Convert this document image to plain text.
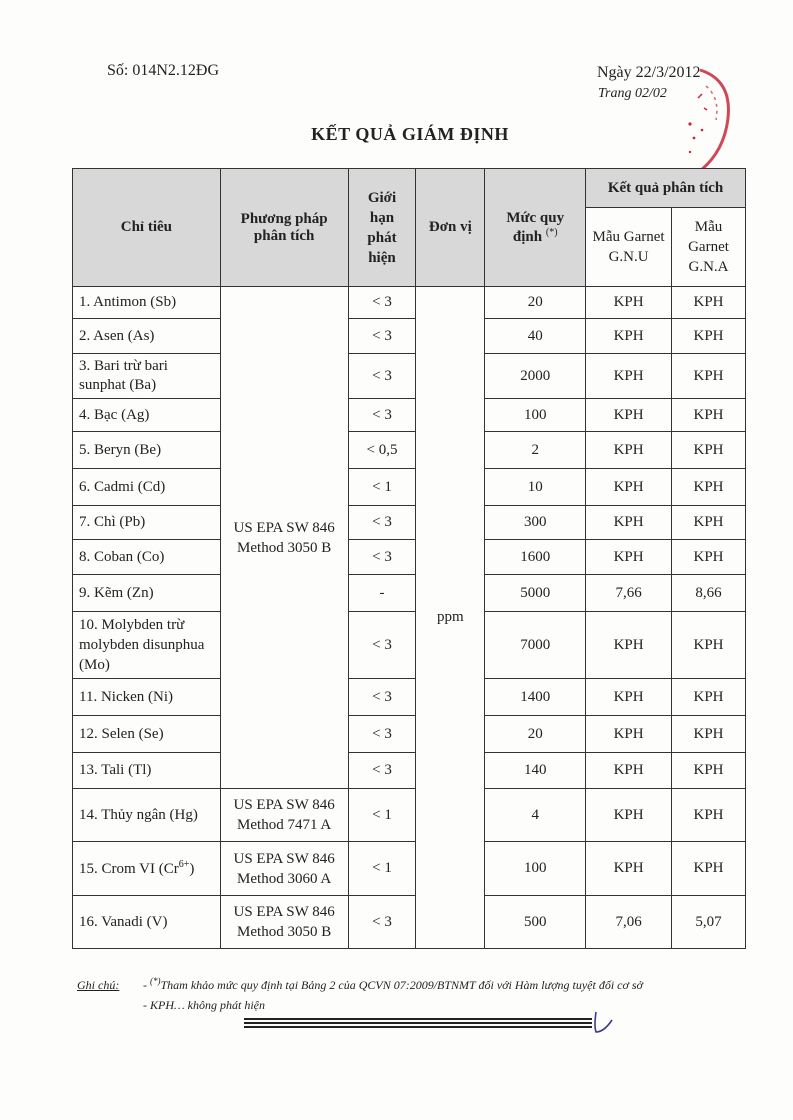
Số: 014N2.12ĐG	Ngày 22/3/2012
Trang 02/02
KẾT QUẢ GIÁM ĐỊNH
Chỉ tiêu	Phương pháp phân tích	Giới hạn phát hiện	Đơn vị	Mức quy định (*)	Kết quả phân tích	
					Mẫu Garnet G.N.U	Mẫu Garnet G.N.A
1. Antimon (Sb)	US EPA SW 846 Method 3050 B	< 3	ppm	20	KPH	KPH
2. Asen (As)		< 3		40	KPH	KPH
3. Bari trừ bari sunphat (Ba)		< 3		2000	KPH	KPH
4. Bạc (Ag)		< 3		100	KPH	KPH
5. Beryn (Be)		< 0,5		2	KPH	KPH
6. Cadmi (Cd)		< 1		10	KPH	KPH
7. Chì (Pb)		< 3		300	KPH	KPH
8. Coban (Co)		< 3		1600	KPH	KPH
9. Kẽm (Zn)		-		5000	7,66	8,66
10. Molybden trừ molybden disunphua (Mo)		< 3		7000	KPH	KPH
11. Nicken (Ni)		< 3		1400	KPH	KPH
12. Selen (Se)		< 3		20	KPH	KPH
13. Tali (Tl)		< 3		140	KPH	KPH
14. Thủy ngân (Hg)	US EPA SW 846 Method 7471 A	< 1		4	KPH	KPH
15. Crom VI $(Cr^{6+})$	US EPA SW 846 Method 3060 A	< 1		100	KPH	KPH
16. Vanadi (V)	US EPA SW 846 Method 3050 B	< 3		500	7,06	5,07
Ghi chú: - (*)Tham khảo mức quy định tại Bảng 2 của QCVN 07:2009/BTNMT đối với Hàm lượng tuyệt đối cơ sở
- KPH… không phát hiện
